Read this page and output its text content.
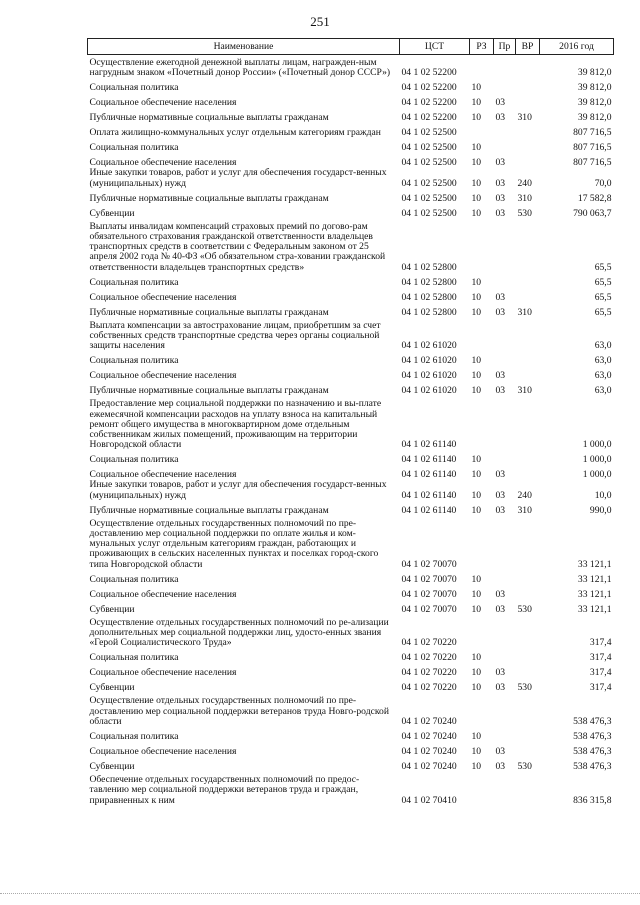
251
Наименование	ЦСТ	РЗ	Пр	ВР	2016 год
Осуществление ежегодной денежной выплаты лицам, награжден-ным нагрудным знаком «Почетный донор России» («Почетный донор СССР»)	04 1 02 52200				39 812,0
Социальная политика	04 1 02 52200	10			39 812,0
Социальное обеспечение населения	04 1 02 52200	10	03		39 812,0
Публичные нормативные социальные выплаты гражданам	04 1 02 52200	10	03	310	39 812,0
Оплата жилищно-коммунальных услуг отдельным категориям граждан	04 1 02 52500				807 716,5
Социальная политика	04 1 02 52500	10			807 716,5
Социальное обеспечение населения	04 1 02 52500	10	03		807 716,5
Иные закупки товаров, работ и услуг для обеспечения государст-венных (муниципальных) нужд	04 1 02 52500	10	03	240	70,0
Публичные нормативные социальные выплаты гражданам	04 1 02 52500	10	03	310	17 582,8
Субвенции	04 1 02 52500	10	03	530	790 063,7
Выплаты инвалидам компенсаций страховых премий по догово-рам обязательного страхования гражданской ответственности владельцев транспортных средств в соответствии с Федеральным законом от 25 апреля 2002 года № 40-ФЗ «Об обязательном стра-ховании гражданской ответственности владельцев транспортных средств»	04 1 02 52800				65,5
Социальная политика	04 1 02 52800	10			65,5
Социальное обеспечение населения	04 1 02 52800	10	03		65,5
Публичные нормативные социальные выплаты гражданам	04 1 02 52800	10	03	310	65,5
Выплата компенсации за автострахование лицам, приобретшим за счет собственных средств транспортные средства через органы социальной защиты населения	04 1 02 61020				63,0
Социальная политика	04 1 02 61020	10			63,0
Социальное обеспечение населения	04 1 02 61020	10	03		63,0
Публичные нормативные социальные выплаты гражданам	04 1 02 61020	10	03	310	63,0
Предоставление мер социальной поддержки по назначению и вы-плате ежемесячной компенсации расходов на уплату взноса на капитальный ремонт общего имущества в многоквартирном доме отдельным собственникам жилых помещений, проживающим на территории Новгородской области	04 1 02 61140				1 000,0
Социальная политика	04 1 02 61140	10			1 000,0
Социальное обеспечение населения	04 1 02 61140	10	03		1 000,0
Иные закупки товаров, работ и услуг для обеспечения государст-венных (муниципальных) нужд	04 1 02 61140	10	03	240	10,0
Публичные нормативные социальные выплаты гражданам	04 1 02 61140	10	03	310	990,0
Осуществление отдельных государственных полномочий по пре-доставлению мер социальной поддержки по оплате жилья и ком-мунальных услуг отдельным категориям граждан, работающих и проживающих в сельских населенных пунктах и поселках город-ского типа Новгородской области	04 1 02 70070				33 121,1
Социальная политика	04 1 02 70070	10			33 121,1
Социальное обеспечение населения	04 1 02 70070	10	03		33 121,1
Субвенции	04 1 02 70070	10	03	530	33 121,1
Осуществление отдельных государственных полномочий по ре-ализации дополнительных мер социальной поддержки лиц, удосто-енных звания «Герой Социалистического Труда»	04 1 02 70220				317,4
Социальная политика	04 1 02 70220	10			317,4
Социальное обеспечение населения	04 1 02 70220	10	03		317,4
Субвенции	04 1 02 70220	10	03	530	317,4
Осуществление отдельных государственных полномочий по пре-доставлению мер социальной поддержки ветеранов труда Новго-родской области	04 1 02 70240				538 476,3
Социальная политика	04 1 02 70240	10			538 476,3
Социальное обеспечение населения	04 1 02 70240	10	03		538 476,3
Субвенции	04 1 02 70240	10	03	530	538 476,3
Обеспечение отдельных государственных полномочий по предос-тавлению мер социальной поддержки ветеранов труда и граждан, приравненных к ним	04 1 02 70410				836 315,8
